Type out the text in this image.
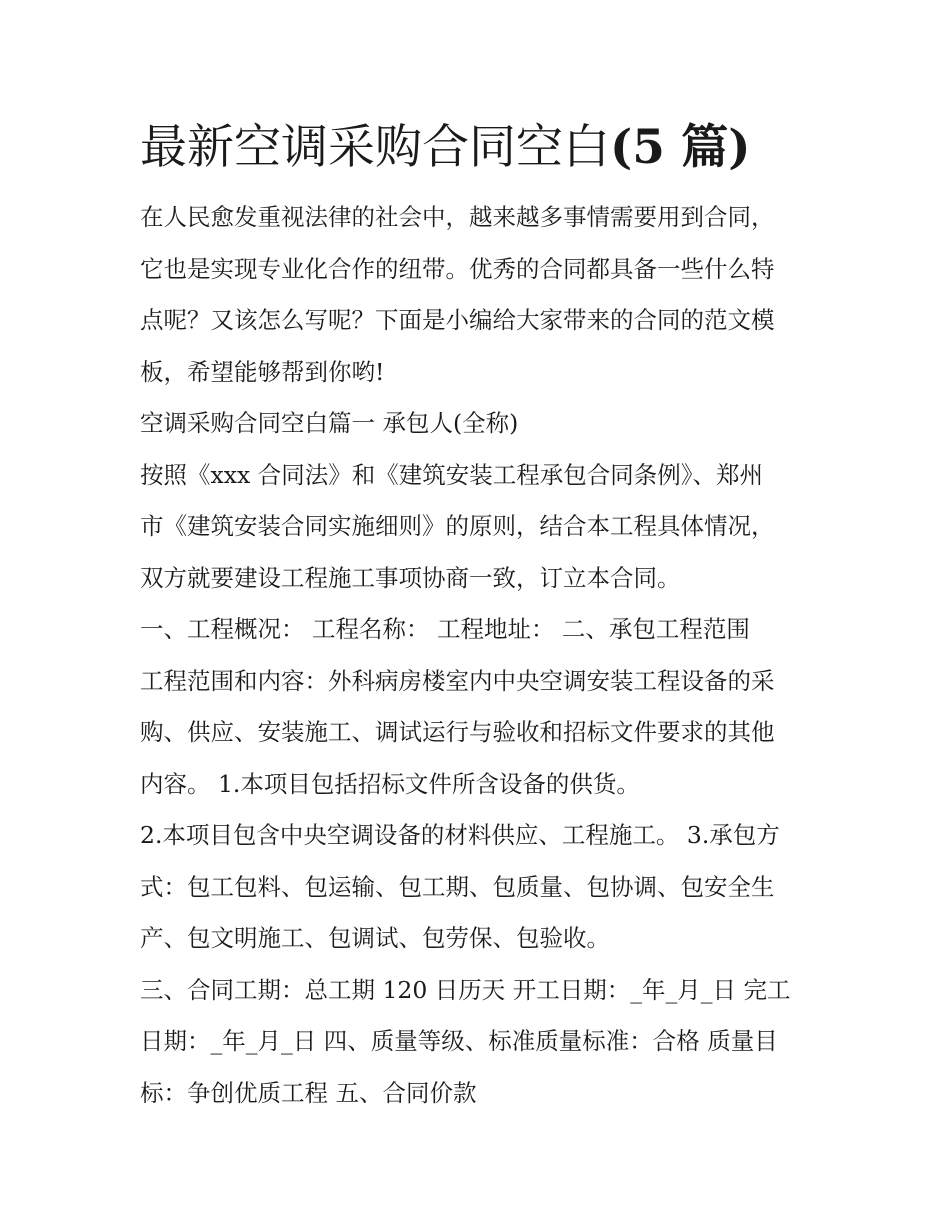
最新空调采购合同空白(5 篇)

在人民愈发重视法律的社会中，越来越多事情需要用到合同，

它也是实现专业化合作的纽带。优秀的合同都具备一些什么特

点呢？又该怎么写呢？下面是小编给大家带来的合同的范文模

板，希望能够帮到你哟!

空调采购合同空白篇一 承包人(全称)

按照《xxx 合同法》和《建筑安装工程承包合同条例》、郑州

市《建筑安装合同实施细则》的原则，结合本工程具体情况，

双方就要建设工程施工事项协商一致，订立本合同。

一、工程概况： 工程名称： 工程地址： 二、承包工程范围

工程范围和内容：外科病房楼室内中央空调安装工程设备的采

购、供应、安装施工、调试运行与验收和招标文件要求的其他

内容。 1.本项目包括招标文件所含设备的供货。

2.本项目包含中央空调设备的材料供应、工程施工。 3.承包方

式：包工包料、包运输、包工期、包质量、包协调、包安全生

产、包文明施工、包调试、包劳保、包验收。

三、合同工期：总工期 120 日历天 开工日期：_年_月_日 完工

日期：_年_月_日 四、质量等级、标准质量标准：合格 质量目

标：争创优质工程 五、合同价款
